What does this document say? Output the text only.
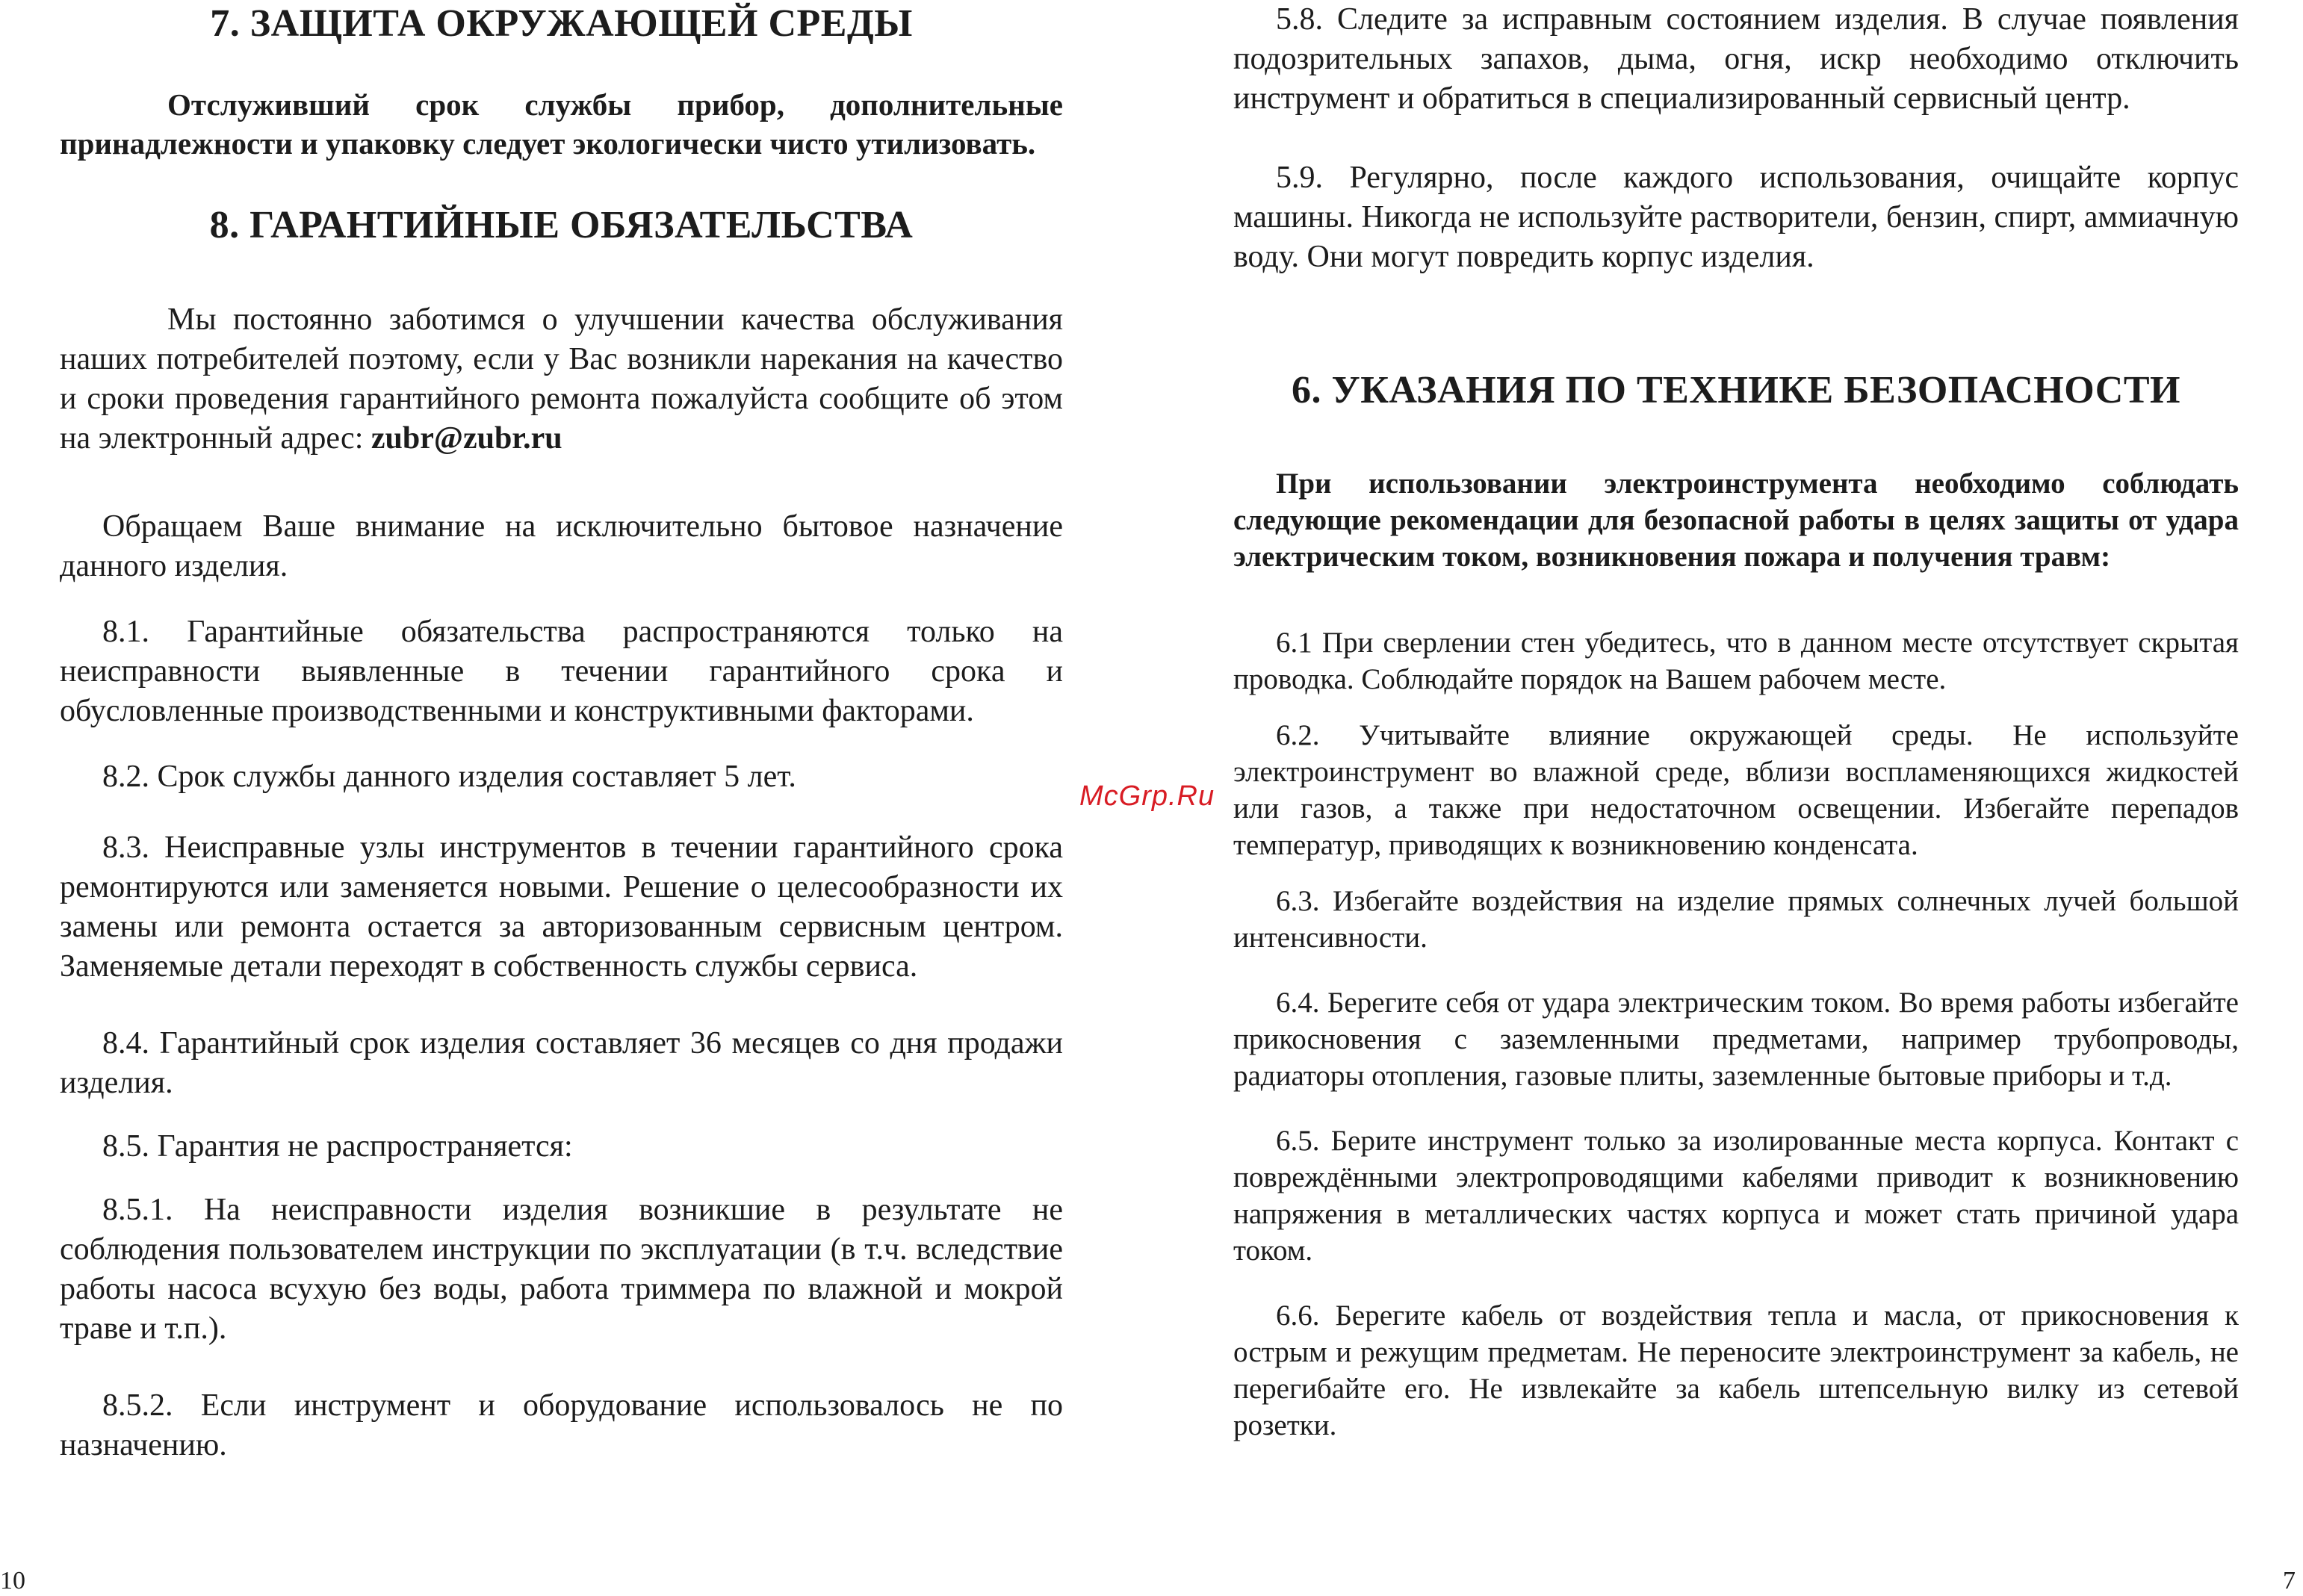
7. ЗАЩИТА ОКРУЖАЮЩЕЙ СРЕДЫ

Отслуживший срок службы прибор, дополнительные принадлежности и упаковку следует экологически чисто утилизовать.

8. ГАРАНТИЙНЫЕ ОБЯЗАТЕЛЬСТВА

Мы постоянно заботимся о улучшении качества обслуживания наших потребителей поэтому, если у Вас возникли нарекания на качество и сроки проведения гарантийного ремонта пожалуйста сообщите об этом на электронный адрес: zubr@zubr.ru

Обращаем Ваше внимание на исключительно бытовое назначение данного изделия.

8.1. Гарантийные обязательства распространяются только на неисправности выявленные в течении гарантийного срока и обусловленные производственными и конструктивными факторами.

8.2. Срок службы данного изделия составляет 5 лет.

8.3. Неисправные узлы инструментов в течении гарантийного срока ремонтируются или заменяется новыми. Решение о целесообразности их замены или ремонта остается за авторизованным сервисным центром. Заменяемые детали переходят в собственность службы сервиса.

8.4. Гарантийный срок изделия составляет 36 месяцев со дня продажи изделия.

8.5. Гарантия не распространяется:

8.5.1. На неисправности изделия возникшие в результате не соблюдения пользователем инструкции по эксплуатации (в т.ч. вследствие работы насоса всухую без воды, работа триммера по влажной и мокрой траве и т.п.).

8.5.2. Если инструмент и оборудование использовалось не по назначению.

5.8. Следите за исправным состоянием изделия. В случае появления подозрительных запахов, дыма, огня, искр необходимо отключить инструмент и обратиться в специализированный сервисный центр.

5.9. Регулярно, после каждого использования, очищайте корпус машины. Никогда не используйте растворители, бензин, спирт, аммиачную воду. Они могут повредить корпус изделия.

6. УКАЗАНИЯ ПО ТЕХНИКЕ БЕЗОПАСНОСТИ

При использовании электроинструмента необходимо соблюдать следующие рекомендации для безопасной работы в целях защиты от удара электрическим током, возникновения пожара и получения травм:

6.1 При сверлении стен убедитесь, что в данном месте отсутствует скрытая проводка. Соблюдайте порядок на Вашем рабочем месте.

6.2. Учитывайте влияние окружающей среды. Не используйте электроинструмент во влажной среде, вблизи воспламеняющихся жидкостей или газов, а также при недостаточном освещении. Избегайте перепадов температур, приводящих к возникновению конденсата.

6.3. Избегайте воздействия на изделие прямых солнечных лучей большой интенсивности.

6.4. Берегите себя от удара электрическим током. Во время работы избегайте прикосновения с заземленными предметами, например трубопроводы, радиаторы отопления, газовые плиты, заземленные бытовые приборы и т.д.

6.5. Берите инструмент только за изолированные места корпуса. Контакт с повреждёнными электропроводящими кабелями приводит к возникновению напряжения в металлических частях корпуса и может стать причиной удара током.

6.6. Берегите кабель от воздействия тепла и масла, от прикосновения к острым и режущим предметам. Не переносите электроинструмент за кабель, не перегибайте его. Не извлекайте за кабель штепсельную вилку из сетевой розетки.

McGrp.Ru
10	7
